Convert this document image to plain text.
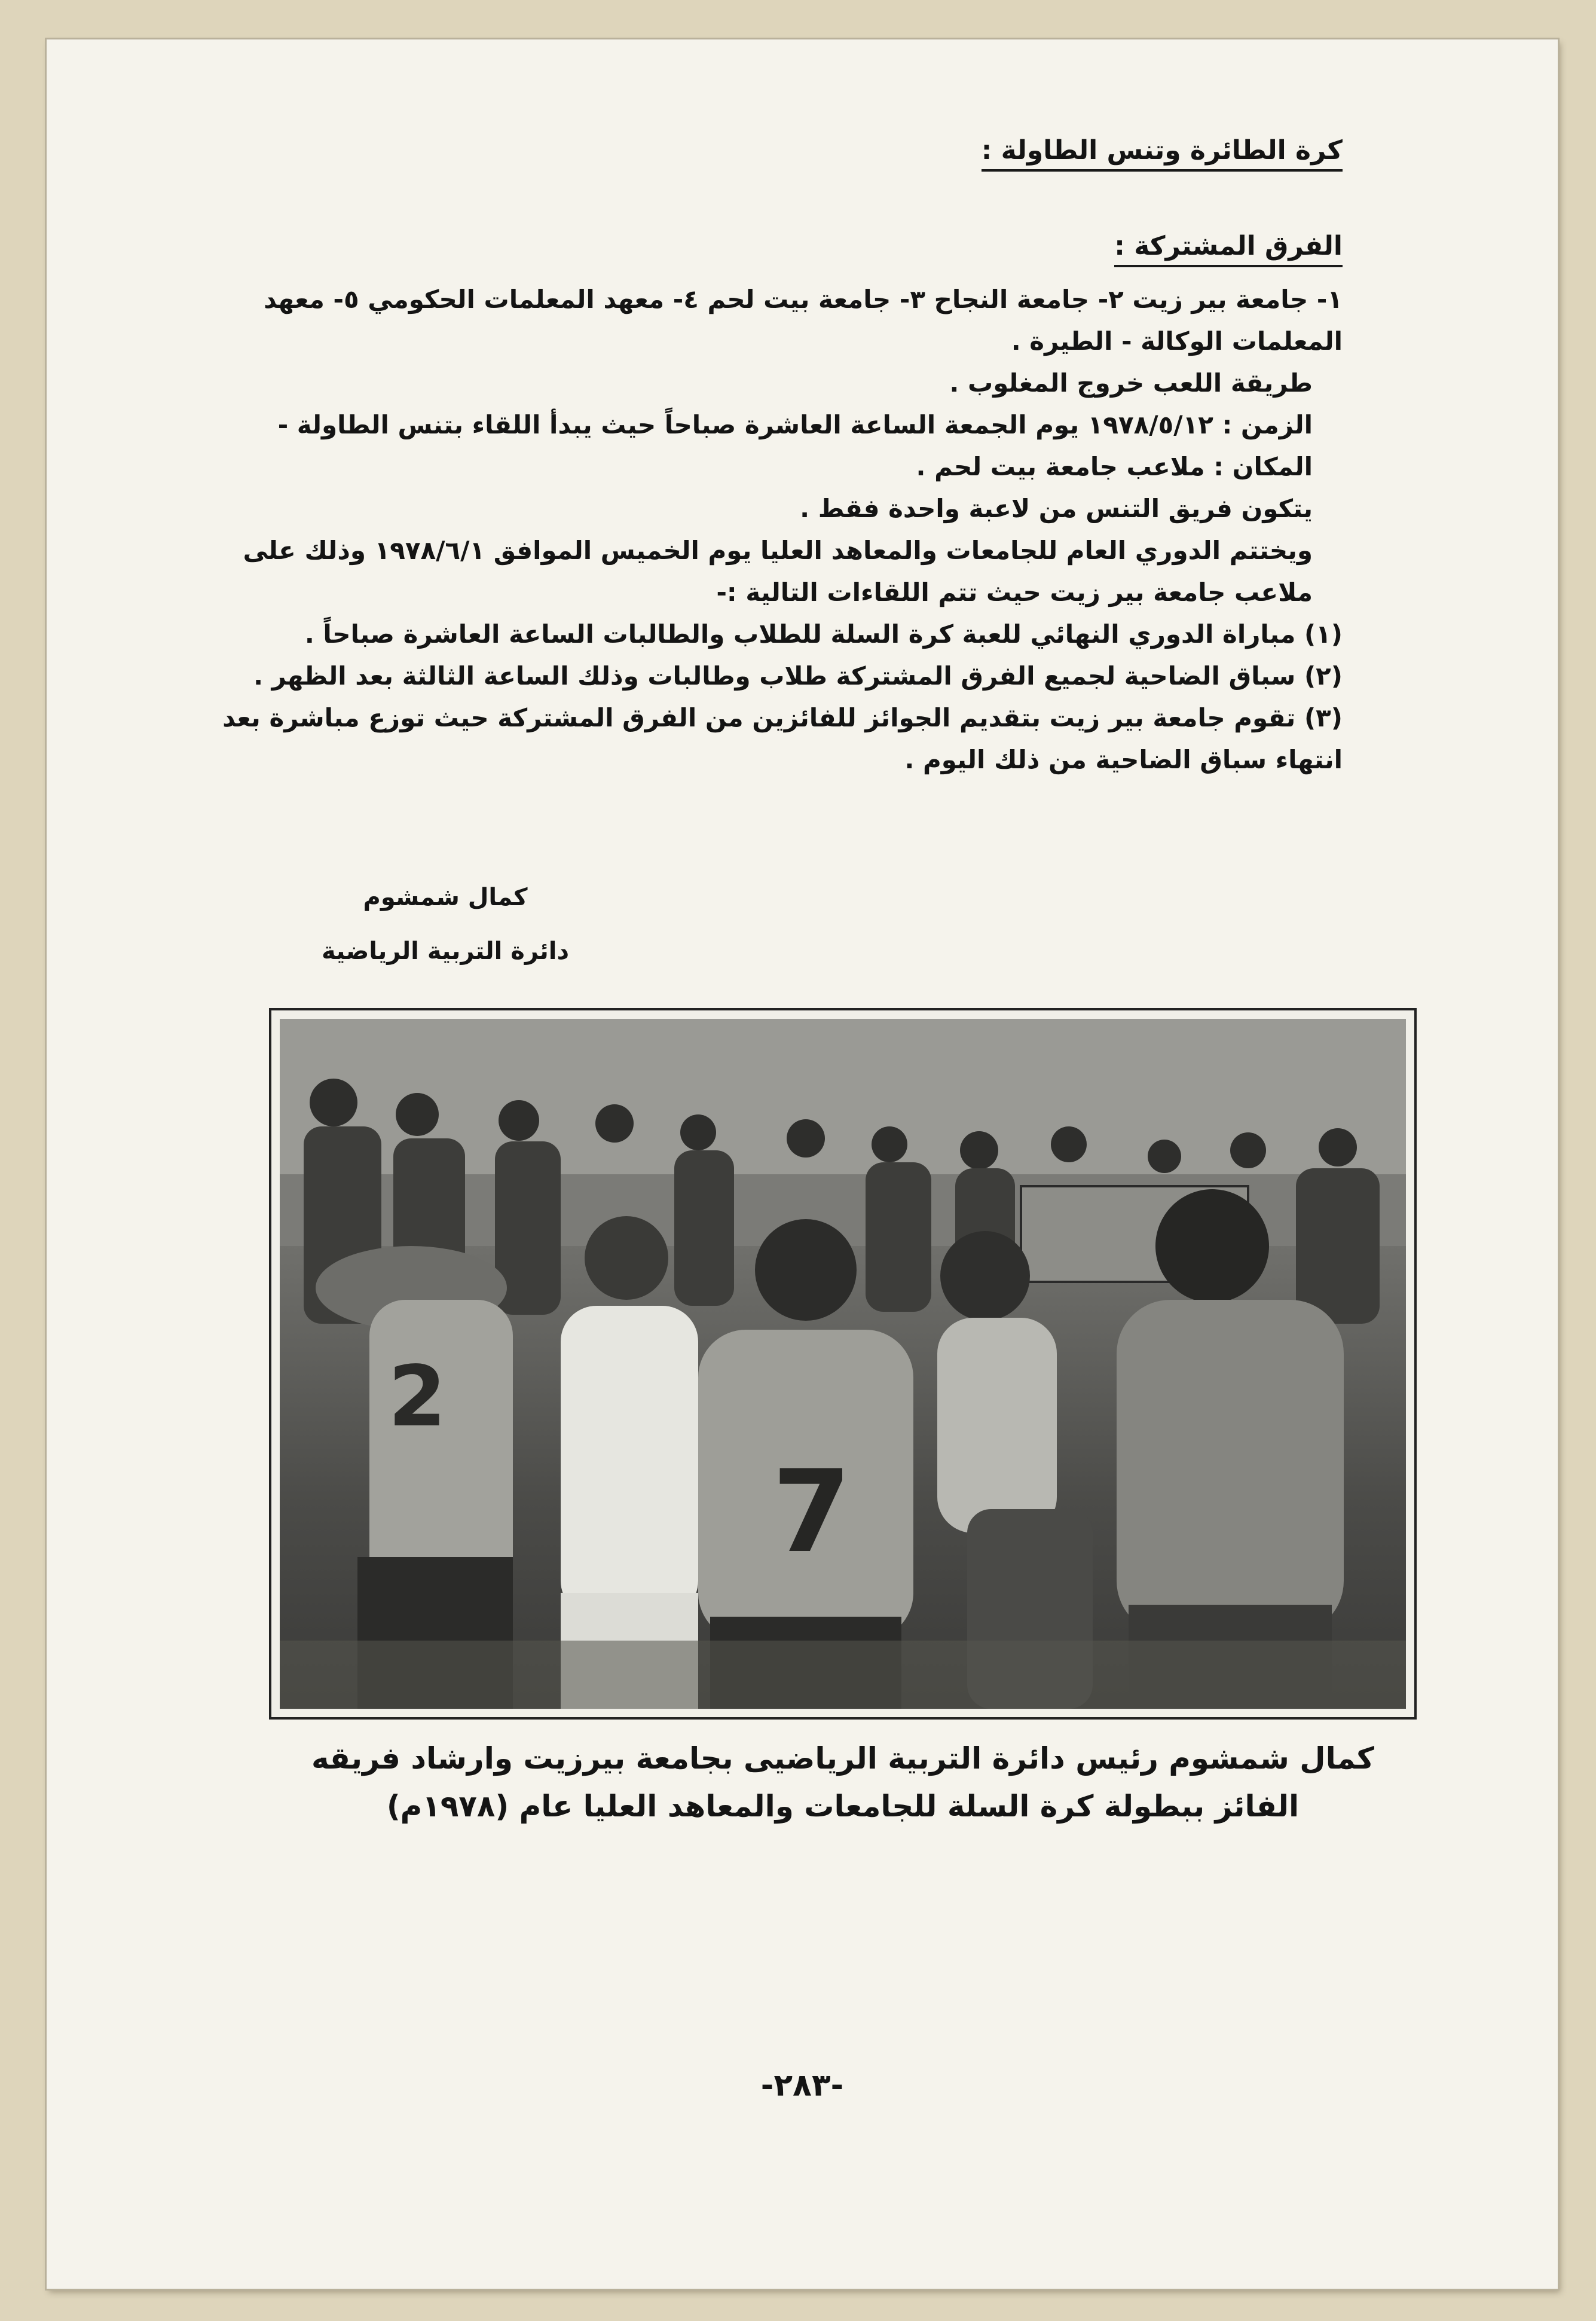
كرة الطائرة وتنس الطاولة :
الفرق المشتركة :

١- جامعة بير زيت ٢- جامعة النجاح ٣- جامعة بيت لحم ٤- معهد المعلمات الحكومي ٥- معهد المعلمات الوكالة - الطيرة .

طريقة اللعب خروج المغلوب .

الزمن : ١٩٧٨/٥/١٢ يوم الجمعة الساعة العاشرة صباحاً حيث يبدأ اللقاء بتنس الطاولة -

المكان : ملاعب جامعة بيت لحم .

يتكون فريق التنس من لاعبة واحدة فقط .

ويختتم الدوري العام للجامعات والمعاهد العليا يوم الخميس الموافق ١٩٧٨/٦/١ وذلك على ملاعب جامعة بير زيت حيث تتم اللقاءات التالية :-

(١) مباراة الدوري النهائي للعبة كرة السلة للطلاب والطالبات الساعة العاشرة صباحاً .

(٢) سباق الضاحية لجميع الفرق المشتركة طلاب وطالبات وذلك الساعة الثالثة بعد الظهر .

(٣) تقوم جامعة بير زيت بتقديم الجوائز للفائزين من الفرق المشتركة حيث توزع مباشرة بعد انتهاء سباق الضاحية من ذلك اليوم .

كمال شمشوم
دائرة التربية الرياضية
2
7
كمال شمشوم رئيس دائرة التربية الرياضيى بجامعة بيرزيت وارشاد فريقه
الفائز ببطولة كرة السلة للجامعات والمعاهد العليا عام (١٩٧٨م)
-٢٨٣-
